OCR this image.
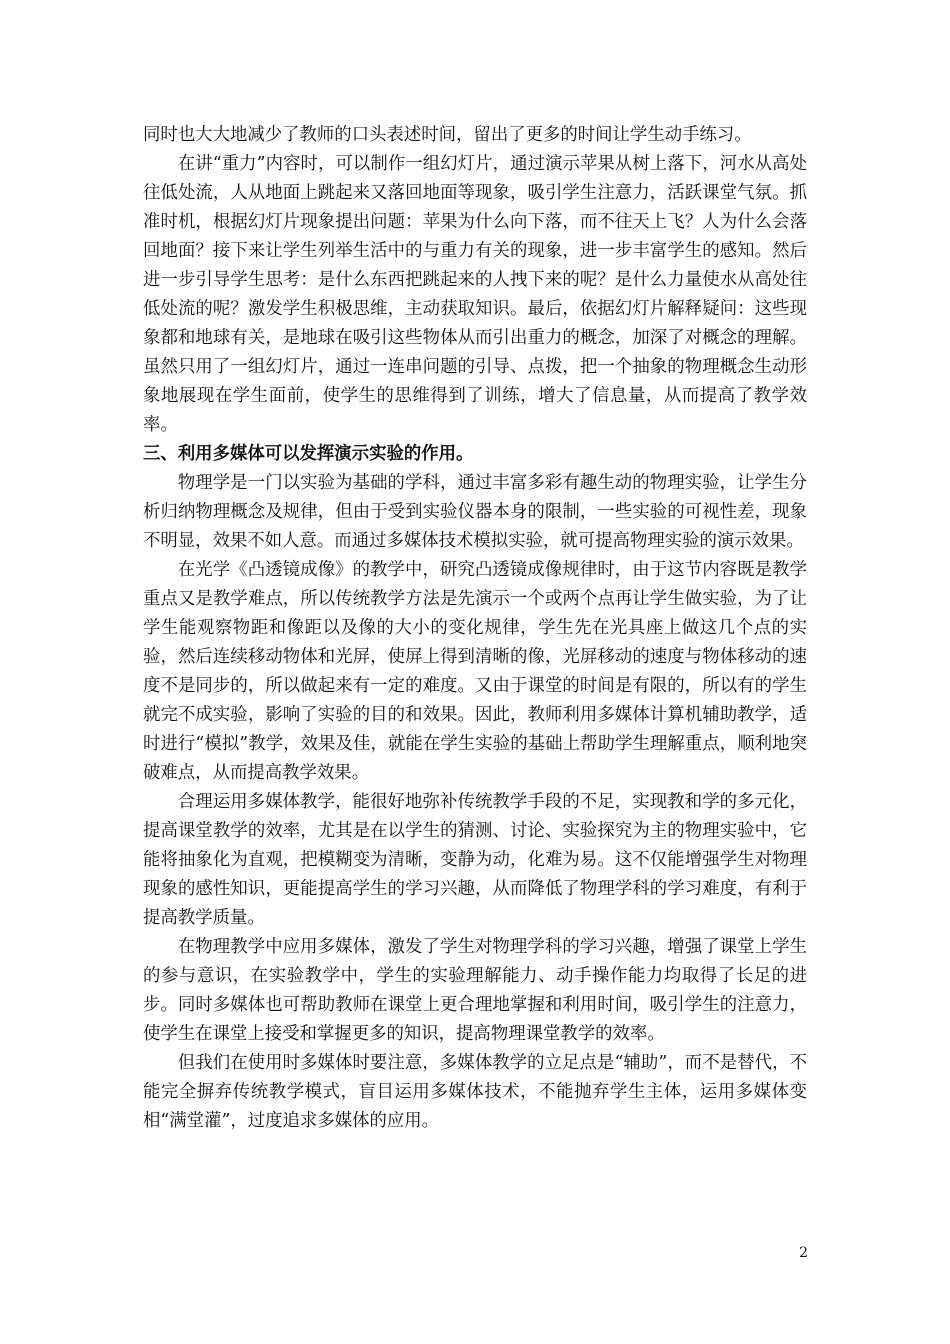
同时也大大地减少了教师的口头表述时间，留出了更多的时间让学生动手练习。

在讲“重力”内容时，可以制作一组幻灯片，通过演示苹果从树上落下，河水从高处往低处流，人从地面上跳起来又落回地面等现象，吸引学生注意力，活跃课堂气氛。抓准时机，根据幻灯片现象提出问题：苹果为什么向下落，而不往天上飞？人为什么会落回地面？接下来让学生列举生活中的与重力有关的现象，进一步丰富学生的感知。然后进一步引导学生思考：是什么东西把跳起来的人拽下来的呢？是什么力量使水从高处往低处流的呢？激发学生积极思维，主动获取知识。最后，依据幻灯片解释疑问：这些现象都和地球有关，是地球在吸引这些物体从而引出重力的概念，加深了对概念的理解。虽然只用了一组幻灯片，通过一连串问题的引导、点拨，把一个抽象的物理概念生动形象地展现在学生面前，使学生的思维得到了训练，增大了信息量，从而提高了教学效率。

三、利用多媒体可以发挥演示实验的作用。

物理学是一门以实验为基础的学科，通过丰富多彩有趣生动的物理实验，让学生分析归纳物理概念及规律，但由于受到实验仪器本身的限制，一些实验的可视性差，现象不明显，效果不如人意。而通过多媒体技术模拟实验，就可提高物理实验的演示效果。

在光学《凸透镜成像》的教学中，研究凸透镜成像规律时，由于这节内容既是教学重点又是教学难点，所以传统教学方法是先演示一个或两个点再让学生做实验，为了让学生能观察物距和像距以及像的大小的变化规律，学生先在光具座上做这几个点的实验，然后连续移动物体和光屏，使屏上得到清晰的像，光屏移动的速度与物体移动的速度不是同步的，所以做起来有一定的难度。又由于课堂的时间是有限的，所以有的学生就完不成实验，影响了实验的目的和效果。因此，教师利用多媒体计算机辅助教学，适时进行“模拟”教学，效果及佳，就能在学生实验的基础上帮助学生理解重点，顺利地突破难点，从而提高教学效果。

合理运用多媒体教学，能很好地弥补传统教学手段的不足，实现教和学的多元化，提高课堂教学的效率，尤其是在以学生的猜测、讨论、实验探究为主的物理实验中，它能将抽象化为直观，把模糊变为清晰，变静为动，化难为易。这不仅能增强学生对物理现象的感性知识，更能提高学生的学习兴趣，从而降低了物理学科的学习难度，有利于提高教学质量。

在物理教学中应用多媒体，激发了学生对物理学科的学习兴趣，增强了课堂上学生的参与意识，在实验教学中，学生的实验理解能力、动手操作能力均取得了长足的进步。同时多媒体也可帮助教师在课堂上更合理地掌握和利用时间，吸引学生的注意力，使学生在课堂上接受和掌握更多的知识，提高物理课堂教学的效率。

但我们在使用时多媒体时要注意，多媒体教学的立足点是“辅助”，而不是替代，不能完全摒弃传统教学模式，盲目运用多媒体技术，不能抛弃学生主体，运用多媒体变相“满堂灌”，过度追求多媒体的应用。

2
